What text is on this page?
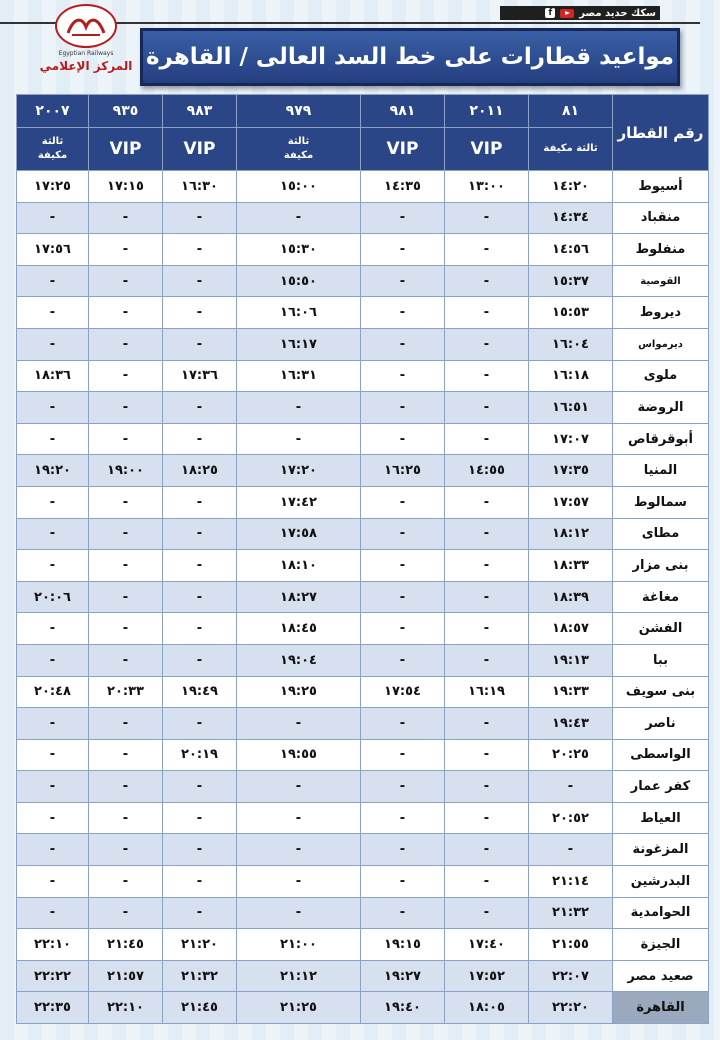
f	سكك حديد مصر
Egyptian Railways
المركز الإعلامي مواعيد قطارات على خط السد العالى / القاهرة
رقم القطار	٨١	٢٠١١	٩٨١	٩٧٩	٩٨٣	٩٣٥	٢٠٠٧
	ثالثة مكيفة	VIP	VIP	ثالثة مكيفة	VIP	VIP	ثالثة مكيفة
أسيوط	١٤:٢٠	١٣:٠٠	١٤:٣٥	١٥:٠٠	١٦:٣٠	١٧:١٥	١٧:٢٥
منقباد	١٤:٣٤	-	-	-	-	-	-
منفلوط	١٤:٥٦	-	-	١٥:٣٠	-	-	١٧:٥٦
القوصية	١٥:٣٧	-	-	١٥:٥٠	-	-	-
ديروط	١٥:٥٣	-	-	١٦:٠٦	-	-	-
ديرمواس	١٦:٠٤	-	-	١٦:١٧	-	-	-
ملوى	١٦:١٨	-	-	١٦:٣١	١٧:٣٦	-	١٨:٣٦
الروضة	١٦:٥١	-	-	-	-	-	-
أبوقرقاص	١٧:٠٧	-	-	-	-	-	-
المنيا	١٧:٣٥	١٤:٥٥	١٦:٢٥	١٧:٢٠	١٨:٢٥	١٩:٠٠	١٩:٢٠
سمالوط	١٧:٥٧	-	-	١٧:٤٢	-	-	-
مطاى	١٨:١٢	-	-	١٧:٥٨	-	-	-
بنى مزار	١٨:٣٣	-	-	١٨:١٠	-	-	-
مغاغة	١٨:٣٩	-	-	١٨:٢٧	-	-	٢٠:٠٦
الفشن	١٨:٥٧	-	-	١٨:٤٥	-	-	-
ببا	١٩:١٣	-	-	١٩:٠٤	-	-	-
بنى سويف	١٩:٣٣	١٦:١٩	١٧:٥٤	١٩:٢٥	١٩:٤٩	٢٠:٣٣	٢٠:٤٨
ناصر	١٩:٤٣	-	-	-	-	-	-
الواسطى	٢٠:٢٥	-	-	١٩:٥٥	٢٠:١٩	-	-
كفر عمار	-	-	-	-	-	-	-
العياط	٢٠:٥٢	-	-	-	-	-	-
المزغونة	-	-	-	-	-	-	-
البدرشين	٢١:١٤	-	-	-	-	-	-
الحوامدية	٢١:٣٢	-	-	-	-	-	-
الجيزة	٢١:٥٥	١٧:٤٠	١٩:١٥	٢١:٠٠	٢١:٢٠	٢١:٤٥	٢٢:١٠
صعيد مصر	٢٢:٠٧	١٧:٥٢	١٩:٢٧	٢١:١٢	٢١:٣٢	٢١:٥٧	٢٢:٢٢
القاهرة	٢٢:٢٠	١٨:٠٥	١٩:٤٠	٢١:٢٥	٢١:٤٥	٢٢:١٠	٢٢:٣٥
